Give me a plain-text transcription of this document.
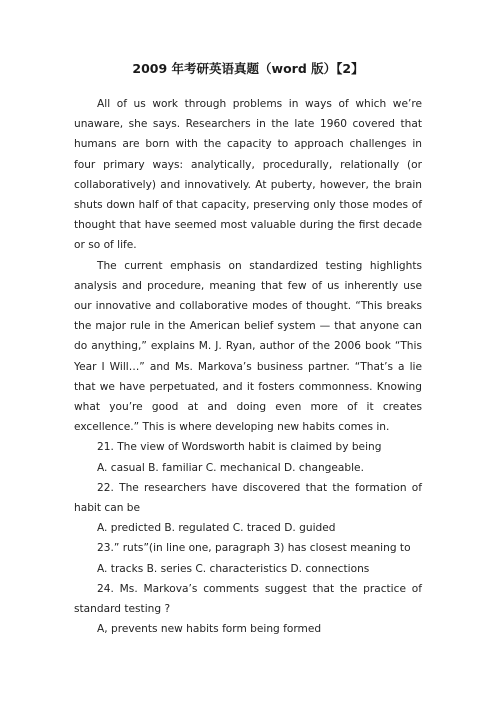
2009 年考研英语真题（word 版）【2】

All of us work through problems in ways of which we’re unaware, she says. Researchers in the late 1960 covered that humans are born with the capacity to approach challenges in four primary ways: analytically, procedurally, relationally (or collaboratively) and innovatively. At puberty, however, the brain shuts down half of that capacity, preserving only those modes of thought that have seemed most valuable during the first decade or so of life.

The current emphasis on standardized testing highlights analysis and procedure, meaning that few of us inherently use our innovative and collaborative modes of thought. “This breaks the major rule in the American belief system — that anyone can do anything,” explains M. J. Ryan, author of the 2006 book “This Year I Will…” and Ms. Markova’s business partner. “That’s a lie that we have perpetuated, and it fosters commonness. Knowing what you’re good at and doing even more of it creates excellence.” This is where developing new habits comes in.

21. The view of Wordsworth habit is claimed by being

A. casual B. familiar C. mechanical D. changeable.

22. The researchers have discovered that the formation of habit can be

A. predicted B. regulated C. traced D. guided

23.” ruts”(in line one, paragraph 3) has closest meaning to

A. tracks B. series C. characteristics D. connections

24. Ms. Markova’s comments suggest that the practice of standard testing ?

A, prevents new habits form being formed
